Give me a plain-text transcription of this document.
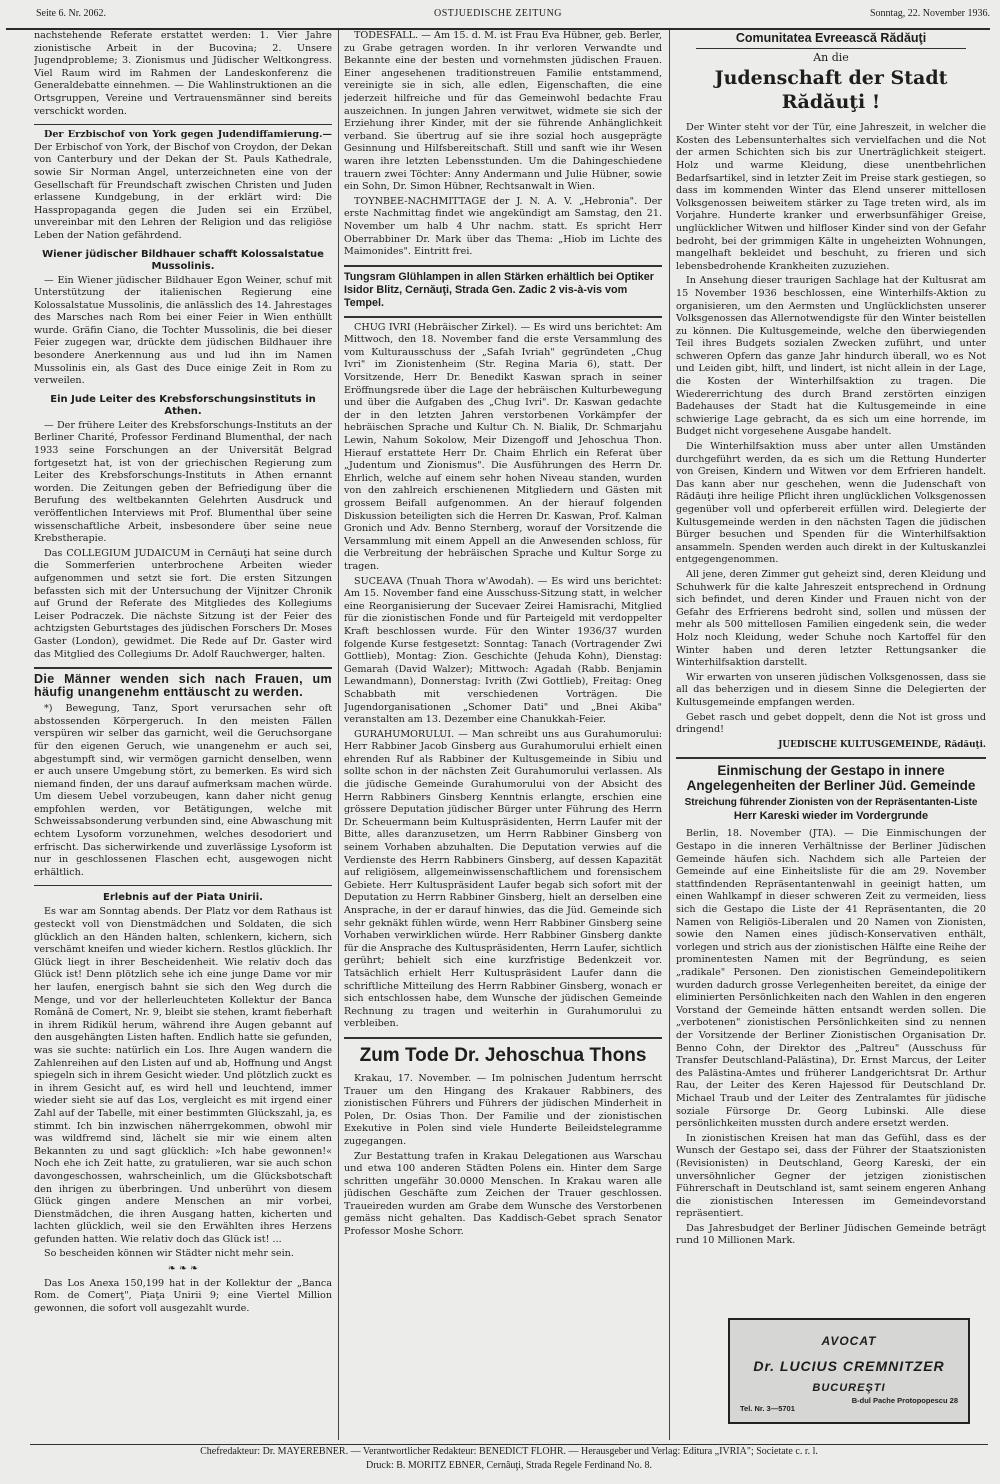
Seite 6. Nr. 2062.	OSTJUEDISCHE ZEITUNG	Sonntag, 22. November 1936.

nachstehende Referate erstattet werden: 1. Vier Jahre zionistische Arbeit in der Bucovina; 2. Unsere Jugendprobleme; 3. Zionismus und Jüdischer Weltkongress. Viel Raum wird im Rahmen der Landeskonferenz die Generaldebatte einnehmen. — Die Wahlinstruktionen an die Ortsgruppen, Vereine und Vertrauensmänner sind bereits verschickt worden.

Der Erzbischof von York gegen Judendiffamierung.— Der Erbischof von York, der Bischof von Croydon, der Dekan von Canterbury und der Dekan der St. Pauls Kathedrale, sowie Sir Norman Angel, unterzeichneten eine von der Gesellschaft für Freundschaft zwischen Christen und Juden erlassene Kundgebung, in der erklärt wird: Die Hasspropaganda gegen die Juden sei ein Erzübel, unvereinbar mit den Lehren der Religion und das religiöse Leben der Nation gefährdend.

Wiener jüdischer Bildhauer schafft Kolossalstatue Mussolinis.

— Ein Wiener jüdischer Bildhauer Egon Weiner, schuf mit Unterstützung der italienischen Regierung eine Kolossalstatue Mussolinis, die anlässlich des 14. Jahrestages des Marsches nach Rom bei einer Feier in Wien enthüllt wurde. Gräfin Ciano, die Tochter Mussolinis, die bei dieser Feier zugegen war, drückte dem jüdischen Bildhauer ihre besondere Anerkennung aus und lud ihn im Namen Mussolinis ein, als Gast des Duce einige Zeit in Rom zu verweilen.

Ein Jude Leiter des Krebsforschungsinstituts in Athen.

— Der frühere Leiter des Krebsforschungs-Instituts an der Berliner Charité, Professor Ferdinand Blumenthal, der nach 1933 seine Forschungen an der Universität Belgrad fortgesetzt hat, ist von der griechischen Regierung zum Leiter des Krebsforschungs-Instituts in Athen ernannt worden. Die Zeitungen geben der Befriedigung über die Berufung des weltbekannten Gelehrten Ausdruck und veröffentlichen Interviews mit Prof. Blumenthal über seine wissenschaftliche Arbeit, insbesondere über seine neue Krebstherapie.

Das COLLEGIUM JUDAICUM in Cernăuţi hat seine durch die Sommerferien unterbrochene Arbeiten wieder aufgenommen und setzt sie fort. Die ersten Sitzungen befassten sich mit der Untersuchung der Vijnitzer Chronik auf Grund der Referate des Mitgliedes des Kollegiums Leiser Podraczek. Die nächste Sitzung ist der Feier des achtzigsten Geburtstages des jüdischen Forschers Dr. Moses Gaster (London), gewidmet. Die Rede auf Dr. Gaster wird das Mitglied des Collegiums Dr. Adolf Rauchwerger, halten.

Die Männer wenden sich nach Frauen, um häufig unangenehm enttäuscht zu werden.

*) Bewegung, Tanz, Sport verursachen sehr oft abstossenden Körpergeruch. In den meisten Fällen verspüren wir selber das garnicht, weil die Geruchsorgane für den eigenen Geruch, wie unangenehm er auch sei, abgestumpft sind, wir vermögen garnicht denselben, wenn er auch unsere Umgebung stört, zu bemerken. Es wird sich niemand finden, der uns darauf aufmerksam machen würde. Um diesem Uebel vorzubeugen, kann daher nicht genug empfohlen werden, vor Betätigungen, welche mit Schweissabsonderung verbunden sind, eine Abwaschung mit echtem Lysoform vorzunehmen, welches desodoriert und erfrischt. Das sicherwirkende und zuverlässige Lysoform ist nur in geschlossenen Flaschen echt, ausgewogen nicht erhältlich.

Erlebnis auf der Piata Unirii.

Es war am Sonntag abends. Der Platz vor dem Rathaus ist gesteckt voll von Dienstmädchen und Soldaten, die sich glücklich an den Händen halten, schlenkern, kichern, sich verschämt kneifen und wieder kichern. Restlos glücklich. Ihr Glück liegt in ihrer Bescheidenheit. Wie relativ doch das Glück ist! Denn plötzlich sehe ich eine junge Dame vor mir her laufen, energisch bahnt sie sich den Weg durch die Menge, und vor der hellerleuchteten Kollektur der Banca Română de Comert, Nr. 9, bleibt sie stehen, kramt fieberhaft in ihrem Ridikül herum, während ihre Augen gebannt auf den ausgehängten Listen haften. Endlich hatte sie gefunden, was sie suchte: natürlich ein Los. Ihre Augen wandern die Zahlenreihen auf den Listen auf und ab, Hoffnung und Angst spiegeln sich in ihrem Gesicht wieder. Und plötzlich zuckt es in ihrem Gesicht auf, es wird hell und leuchtend, immer wieder sieht sie auf das Los, vergleicht es mit irgend einer Zahl auf der Tabelle, mit einer bestimmten Glückszahl, ja, es stimmt. Ich bin inzwischen näherrgekommen, obwohl mir was wildfremd sind, lächelt sie mir wie einem alten Bekannten zu und sagt glücklich: »Ich habe gewonnen!« Noch ehe ich Zeit hatte, zu gratulieren, war sie auch schon davongeschossen, wahrscheinlich, um die Glücksbotschaft den ihrigen zu überbringen. Und unberührt von diesem Glück gingen andere Menschen an mir vorbei, Dienstmädchen, die ihren Ausgang hatten, kicherten und lachten glücklich, weil sie den Erwählten ihres Herzens gefunden hatten. Wie relativ doch das Glück ist! ...

So bescheiden können wir Städter nicht mehr sein.

❧ ❧ ❧

Das Los Anexa 150,199 hat in der Kollektur der „Banca Rom. de Comerţ", Piaţa Unirii 9; eine Viertel Million gewonnen, die sofort voll ausgezahlt wurde.

TODESFALL. — Am 15. d. M. ist Frau Eva Hübner, geb. Berler, zu Grabe getragen worden. In ihr verloren Verwandte und Bekannte eine der besten und vornehmsten jüdischen Frauen. Einer angesehenen traditionstreuen Familie entstammend, vereinigte sie in sich, alle edlen, Eigenschaften, die eine jederzeit hilfreiche und für das Gemeinwohl bedachte Frau auszeichnen. In jungen Jahren verwitwet, widmete sie sich der Erziehung ihrer Kinder, mit der sie führende Anhänglichkeit verband. Sie übertrug auf sie ihre sozial hoch ausgeprägte Gesinnung und Hilfsbereitschaft. Still und sanft wie ihr Wesen waren ihre letzten Lebensstunden. Um die Dahingeschiedene trauern zwei Töchter: Anny Andermann und Julie Hübner, sowie ein Sohn, Dr. Simon Hübner, Rechtsanwalt in Wien.

TOYNBEE-NACHMITTAGE der J. N. A. V. „Hebronia". Der erste Nachmittag findet wie angekündigt am Samstag, den 21. November um halb 4 Uhr nachm. statt. Es spricht Herr Oberrabbiner Dr. Mark über das Thema: „Hiob im Lichte des Maimonides". Eintritt frei.

Tungsram Glühlampen in allen Stärken erhältlich bei Optiker Isidor Blitz, Cernăuţi, Strada Gen. Zadic 2 vis-à-vis vom Tempel.

CHUG IVRI (Hebräischer Zirkel). — Es wird uns berichtet: Am Mittwoch, den 18. November fand die erste Versammlung des vom Kulturausschuss der „Safah Ivriah" gegründeten „Chug Ivri" im Zionistenheim (Str. Regina Maria 6), statt. Der Vorsitzende, Herr Dr. Benedikt Kaswan sprach in seiner Eröffnungsrede über die Lage der hebräischen Kulturbewegung und über die Aufgaben des „Chug Ivri". Dr. Kaswan gedachte der in den letzten Jahren verstorbenen Vorkämpfer der hebräischen Sprache und Kultur Ch. N. Bialik, Dr. Schmarjahu Lewin, Nahum Sokolow, Meir Dizengoff und Jehoschua Thon. Hierauf erstattete Herr Dr. Chaim Ehrlich ein Referat über „Judentum und Zionismus". Die Ausführungen des Herrn Dr. Ehrlich, welche auf einem sehr hohen Niveau standen, wurden von den zahlreich erschienenen Mitgliedern und Gästen mit grossem Beifall aufgenommen. An der hierauf folgenden Diskussion beteiligten sich die Herren Dr. Kaswan, Prof. Kalman Gronich und Adv. Benno Sternberg, worauf der Vorsitzende die Versammlung mit einem Appell an die Anwesenden schloss, für die Verbreitung der hebräischen Sprache und Kultur Sorge zu tragen.

SUCEAVA (Tnuah Thora w'Awodah). — Es wird uns berichtet: Am 15. November fand eine Ausschuss-Sitzung statt, in welcher eine Reorganisierung der Sucevaer Zeirei Hamisrachi, Mitglied für die zionistischen Fonde und für Parteigeld mit verdoppelter Kraft beschlossen wurde. Für den Winter 1936/37 wurden folgende Kurse festgesetzt: Sonntag: Tanach (Vortragender Zwi Gottlieb), Montag: Zion. Geschichte (Jehuda Kohn), Dienstag: Gemarah (David Walzer); Mittwoch: Agadah (Rabb. Benjamin Lewandmann), Donnerstag: Ivrith (Zwi Gottlieb), Freitag: Oneg Schabbath mit verschiedenen Vorträgen. Die Jugendorganisationen „Schomer Dati" und „Bnei Akiba" veranstalten am 13. Dezember eine Chanukkah-Feier.

GURAHUMORULUI. — Man schreibt uns aus Gurahumorului: Herr Rabbiner Jacob Ginsberg aus Gurahumorului erhielt einen ehrenden Ruf als Rabbiner der Kultusgemeinde in Sibiu und sollte schon in der nächsten Zeit Gurahumorului verlassen. Als die jüdische Gemeinde Gurahumorului von der Absicht des Herrn Rabbiners Ginsberg Kenntnis erlangte, erschien eine grössere Deputation jüdischer Bürger unter Führung des Herrn Dr. Scheuermann beim Kultuspräsidenten, Herrn Laufer mit der Bitte, alles daranzusetzen, um Herrn Rabbiner Ginsberg von seinem Vorhaben abzuhalten. Die Deputation verwies auf die Verdienste des Herrn Rabbiners Ginsberg, auf dessen Kapazität auf religiösem, allgemeinwissenschaftlichem und forensischem Gebiete. Herr Kultuspräsident Laufer begab sich sofort mit der Deputation zu Herrn Rabbiner Ginsberg, hielt an derselben eine Ansprache, in der er darauf hinwies, das die Jüd. Gemeinde sich sehr geknäkt fühlen würde, wenn Herr Rabbiner Ginsberg seine Vorhaben verwirklichen würde. Herr Rabbiner Ginsberg dankte für die Ansprache des Kultuspräsidenten, Herrn Laufer, sichtlich gerührt; behielt sich eine kurzfristige Bedenkzeit vor. Tatsächlich erhielt Herr Kultuspräsident Laufer dann die schriftliche Mitteilung des Herrn Rabbiner Ginsberg, wonach er sich entschlossen habe, dem Wunsche der jüdischen Gemeinde Rechnung zu tragen und weiterhin in Gurahumorului zu verbleiben.

Zum Tode Dr. Jehoschua Thons

Krakau, 17. November. — Im polnischen Judentum herrscht Trauer um den Hingang des Krakauer Rabbiners, des zionistischen Führers und Führers der jüdischen Minderheit in Polen, Dr. Osias Thon. Der Familie und der zionistischen Exekutive in Polen sind viele Hunderte Beileidstelegramme zugegangen.

Zur Bestattung trafen in Krakau Delegationen aus Warschau und etwa 100 anderen Städten Polens ein. Hinter dem Sarge schritten ungefähr 30.0000 Menschen. In Krakau waren alle jüdischen Geschäfte zum Zeichen der Trauer geschlossen. Traueireden wurden am Grabe dem Wunsche des Verstorbenen gemäss nicht gehalten. Das Kaddisch-Gebet sprach Senator Professor Moshe Schorr.

Comunitatea Evreească Rădăuţi
An die
Judenschaft der Stadt Rădăuţi !

Der Winter steht vor der Tür, eine Jahreszeit, in welcher die Kosten des Lebensunterhaltes sich vervielfachen und die Not der armen Schichten sich bis zur Unerträglichkeit steigert. Holz und warme Kleidung, diese unentbehrlichen Bedarfsartikel, sind in letzter Zeit im Preise stark gestiegen, so dass im kommenden Winter das Elend unserer mittellosen Volksgenossen beiweitem stärker zu Tage treten wird, als im Vorjahre. Hunderte kranker und erwerbsunfähiger Greise, unglücklicher Witwen und hilfloser Kinder sind von der Gefahr bedroht, bei der grimmigen Kälte in ungeheizten Wohnungen, mangelhaft bekleidet und beschuht, zu frieren und sich lebensbedrohende Krankheiten zuzuziehen.

In Ansehung dieser traurigen Sachlage hat der Kultusrat am 15 November 1936 beschlossen, eine Winterhilfs-Aktion zu organisieren, um den Aermsten und Unglücklichsten unserer Volksgenossen das Allernotwendigste für den Winter beistellen zu können. Die Kultusgemeinde, welche den überwiegenden Teil ihres Budgets sozialen Zwecken zuführt, und unter schweren Opfern das ganze Jahr hindurch überall, wo es Not und Leiden gibt, hilft, und lindert, ist nicht allein in der Lage, die Kosten der Winterhilfsaktion zu tragen. Die Wiedererrichtung des durch Brand zerstörten einzigen Badehauses der Stadt hat die Kultusgemeinde in eine schwierige Lage gebracht, da es sich um eine horrende, im Budget nicht vorgesehene Ausgabe handelt.

Die Winterhilfsaktion muss aber unter allen Umständen durchgeführt werden, da es sich um die Rettung Hunderter von Greisen, Kindern und Witwen vor dem Erfrieren handelt. Das kann aber nur geschehen, wenn die Judenschaft von Rădăuţi ihre heilige Pflicht ihren unglücklichen Volksgenossen gegenüber voll und opferbereit erfüllen wird. Delegierte der Kultusgemeinde werden in den nächsten Tagen die jüdischen Bürger besuchen und Spenden für die Winterhilfsaktion ansammeln. Spenden werden auch direkt in der Kultuskanzlei entgegengenommen.

All jene, deren Zimmer gut geheizt sind, deren Kleidung und Schuhwerk für die kalte Jahreszeit entsprechend in Ordnung sich befindet, und deren Kinder und Frauen nicht von der Gefahr des Erfrierens bedroht sind, sollen und müssen der mehr als 500 mittellosen Familien eingedenk sein, die weder Holz noch Kleidung, weder Schuhe noch Kartoffel für den Winter haben und deren letzter Rettungsanker die Winterhilfsaktion darstellt.

Wir erwarten von unseren jüdischen Volksgenossen, dass sie all das beherzigen und in diesem Sinne die Delegierten der Kultusgemeinde empfangen werden.

Gebet rasch und gebet doppelt, denn die Not ist gross und dringend!

JUEDISCHE KULTUSGEMEINDE, Rădăuţi.
Einmischung der Gestapo in innere Angelegenheiten der Berliner Jüd. Gemeinde
Streichung führender Zionisten von der Repräsentanten-Liste
Herr Kareski wieder im Vordergrunde

Berlin, 18. November (JTA). — Die Einmischungen der Gestapo in die inneren Verhältnisse der Berliner Jüdischen Gemeinde häufen sich. Nachdem sich alle Parteien der Gemeinde auf eine Einheitsliste für die am 29. November stattfindenden Repräsentantenwahl in geeinigt hatten, um einen Wahlkampf in dieser schweren Zeit zu vermeiden, liess sich die Gestapo die Liste der 41 Repräsentanten, die 20 Namen von Religiös-Liberalen und 20 Namen von Zionisten, sowie den Namen eines jüdisch-Konservativen enthält, vorlegen und strich aus der zionistischen Hälfte eine Reihe der prominentesten Namen mit der Begründung, es seien „radikale" Personen. Den zionistischen Gemeindepolitikern wurden dadurch grosse Verlegenheiten bereitet, da einige der eliminierten Persönlichkeiten nach den Wahlen in den engeren Vorstand der Gemeinde hätten entsandt werden sollen. Die „verbotenen" zionistischen Persönlichkeiten sind zu nennen der Vorsitzende der Berliner Zionistischen Organisation Dr. Benno Cohn, der Direktor des „Paltreu" (Ausschuss für Transfer Deutschland-Palästina), Dr. Ernst Marcus, der Leiter des Palästina-Amtes und früherer Landgerichtsrat Dr. Arthur Rau, der Leiter des Keren Hajessod für Deutschland Dr. Michael Traub und der Leiter des Zentralamtes für jüdische soziale Fürsorge Dr. Georg Lubinski. Alle diese persönlichkeiten mussten durch andere ersetzt werden.

In zionistischen Kreisen hat man das Gefühl, dass es der Wunsch der Gestapo sei, dass der Führer der Staatszionisten (Revisionisten) in Deutschland, Georg Kareski, der ein unversöhnlicher Gegner der jetzigen zionistischen Führerschaft in Deutschland ist, samt seinem engeren Anhang die zionistischen Interessen im Gemeindevorstand repräsentiert.

Das Jahresbudget der Berliner Jüdischen Gemeinde beträgt rund 10 Millionen Mark.

AVOCAT
Dr. LUCIUS CREMNITZER
BUCUREŞTI
B-dul Pache Protopopescu 28
Tel. Nr. 3—5701
Chefredakteur: Dr. MAYEREBNER. — Verantwortlicher Redakteur: BENEDICT FLOHR. — Herausgeber und Verlag: Editura „IVRIA"; Societate c. r. l.
Druck: B. MORITZ EBNER, Cernăuţi, Strada Regele Ferdinand No. 8.
